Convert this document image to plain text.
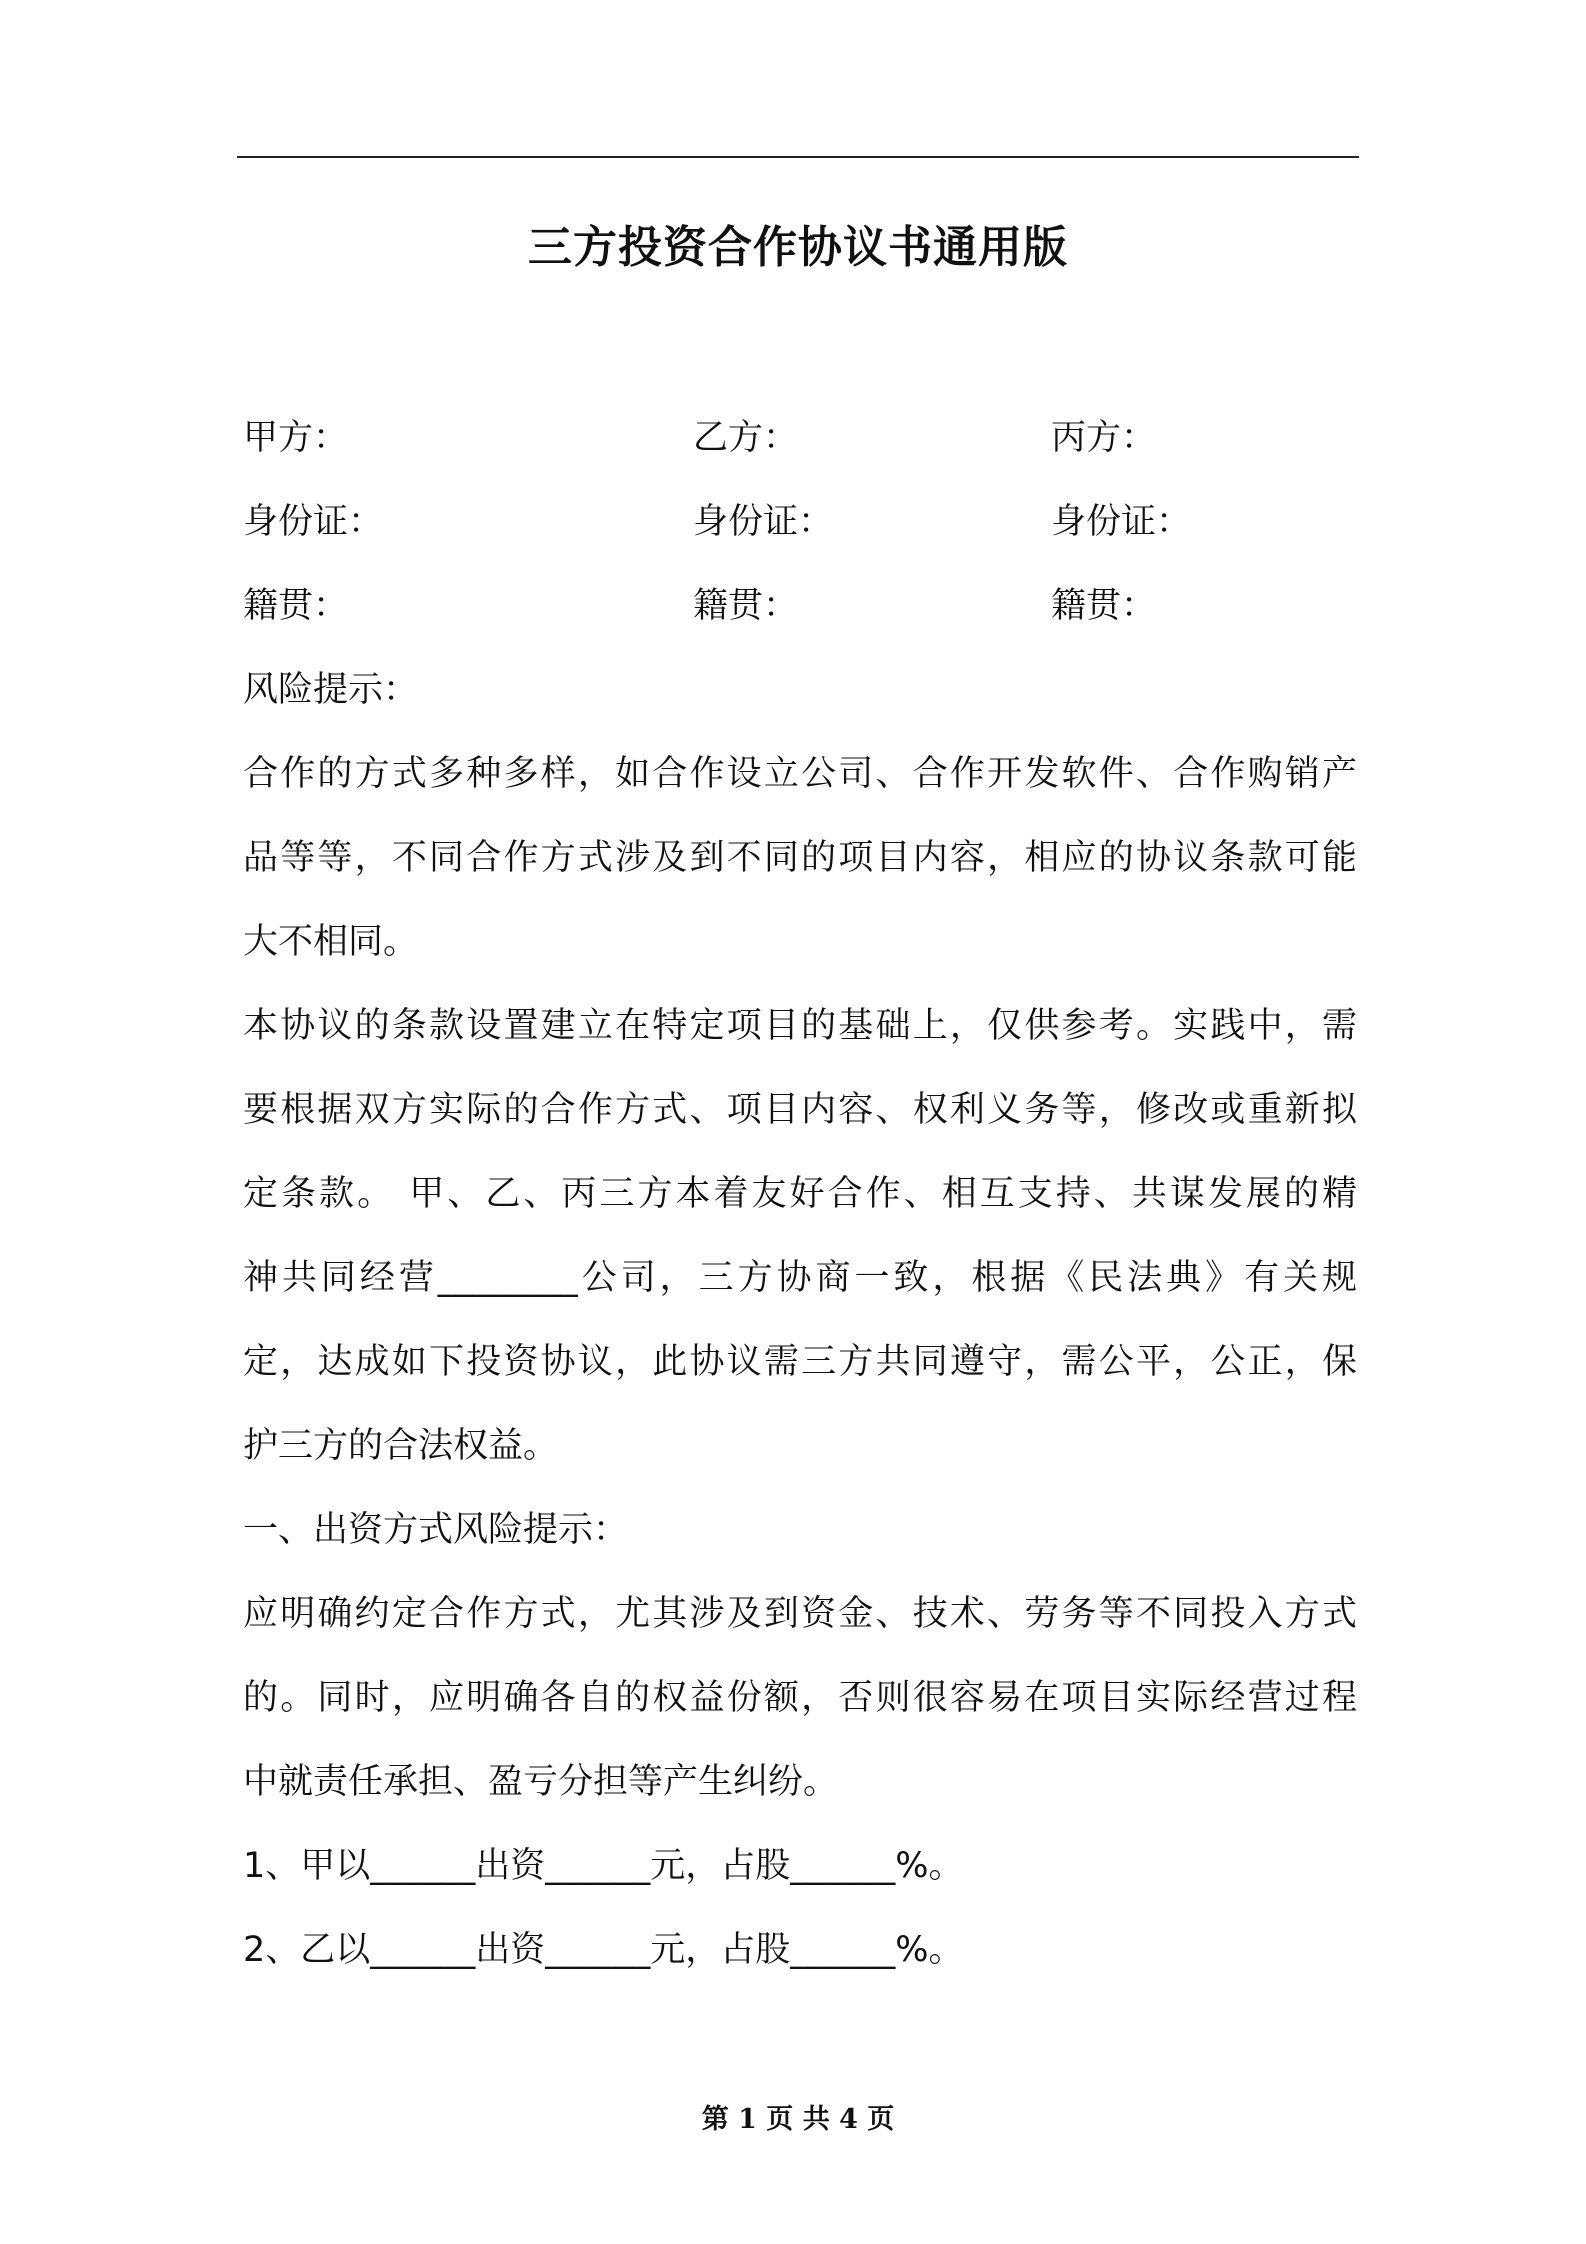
三方投资合作协议书通用版
甲方：	乙方：	丙方：
身份证：	身份证：	身份证：
籍贯：	籍贯：	籍贯：
风险提示：
合作的方式多种多样，如合作设立公司、合作开发软件、合作购销产
品等等，不同合作方式涉及到不同的项目内容，相应的协议条款可能
大不相同。
本协议的条款设置建立在特定项目的基础上，仅供参考。实践中，需
要根据双方实际的合作方式、项目内容、权利义务等，修改或重新拟
定条款。 甲、乙、丙三方本着友好合作、相互支持、共谋发展的精
神共同经营________公司，三方协商一致，根据《民法典》有关规
定，达成如下投资协议，此协议需三方共同遵守，需公平，公正，保
护三方的合法权益。
一、出资方式风险提示：
应明确约定合作方式，尤其涉及到资金、技术、劳务等不同投入方式
的。同时，应明确各自的权益份额，否则很容易在项目实际经营过程
中就责任承担、盈亏分担等产生纠纷。
1、甲以______出资______元，占股______%。
2、乙以______出资______元，占股______%。
第 1 页 共 4 页
